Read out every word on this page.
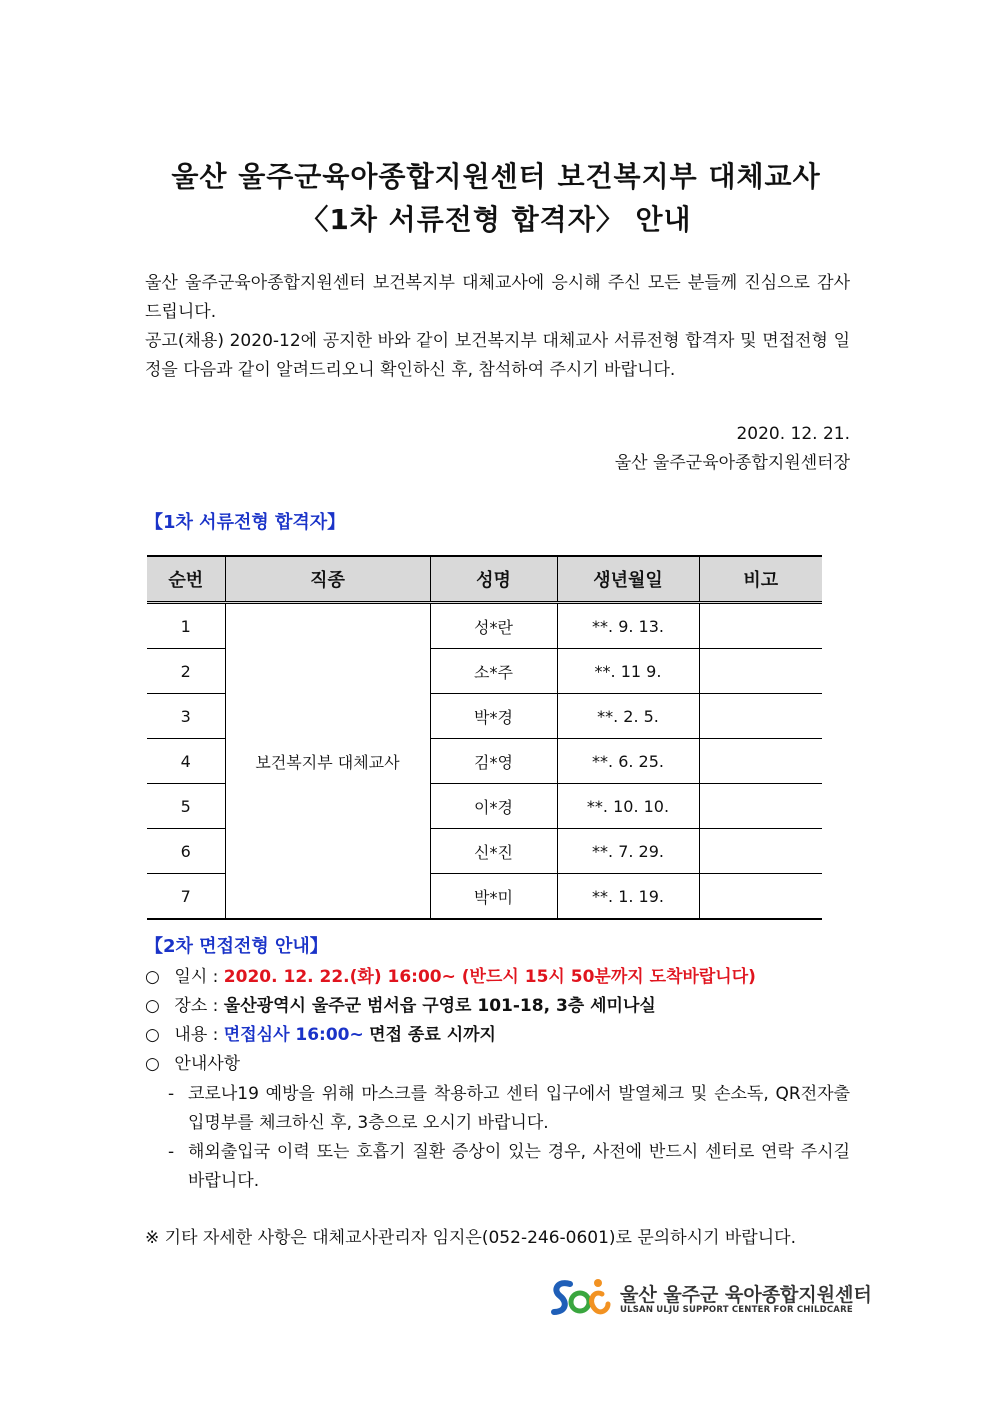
울산 울주군육아종합지원센터 보건복지부 대체교사
〈1차 서류전형 합격자〉 안내

울산 울주군육아종합지원센터 보건복지부 대체교사에 응시해 주신 모든 분들께 진심으로 감사드립니다.

공고(채용) 2020-12에 공지한 바와 같이 보건복지부 대체교사 서류전형 합격자 및 면접전형 일정을 다음과 같이 알려드리오니 확인하신 후, 참석하여 주시기 바랍니다.

2020. 12. 21.
울산 울주군육아종합지원센터장
【1차 서류전형 합격자】
순번	직종	성명	생년월일	비고
1	보건복지부 대체교사	성*란	**. 9. 13.	
2		소*주	**. 11 9.	
3		박*경	**. 2. 5.	
4		김*영	**. 6. 25.	
5		이*경	**. 10. 10.	
6		신*진	**. 7. 29.	
7		박*미	**. 1. 19.	
【2차 면접전형 안내】
○ 일시 : 2020. 12. 22.(화) 16:00~ (반드시 15시 50분까지 도착바랍니다)
○ 장소 : 울산광역시 울주군 범서읍 구영로 101-18, 3층 세미나실
○ 내용 : 면접심사 16:00~ 면접 종료 시까지
○ 안내사항
- 코로나19 예방을 위해 마스크를 착용하고 센터 입구에서 발열체크 및 손소독, QR전자출입명부를 체크하신 후, 3층으로 오시기 바랍니다.
- 해외출입국 이력 또는 호흡기 질환 증상이 있는 경우, 사전에 반드시 센터로 연락 주시길 바랍니다.
※ 기타 자세한 사항은 대체교사관리자 임지은(052-246-0601)로 문의하시기 바랍니다.
울산 울주군 육아종합지원센터
ULSAN ULJU SUPPORT CENTER FOR CHILDCARE
